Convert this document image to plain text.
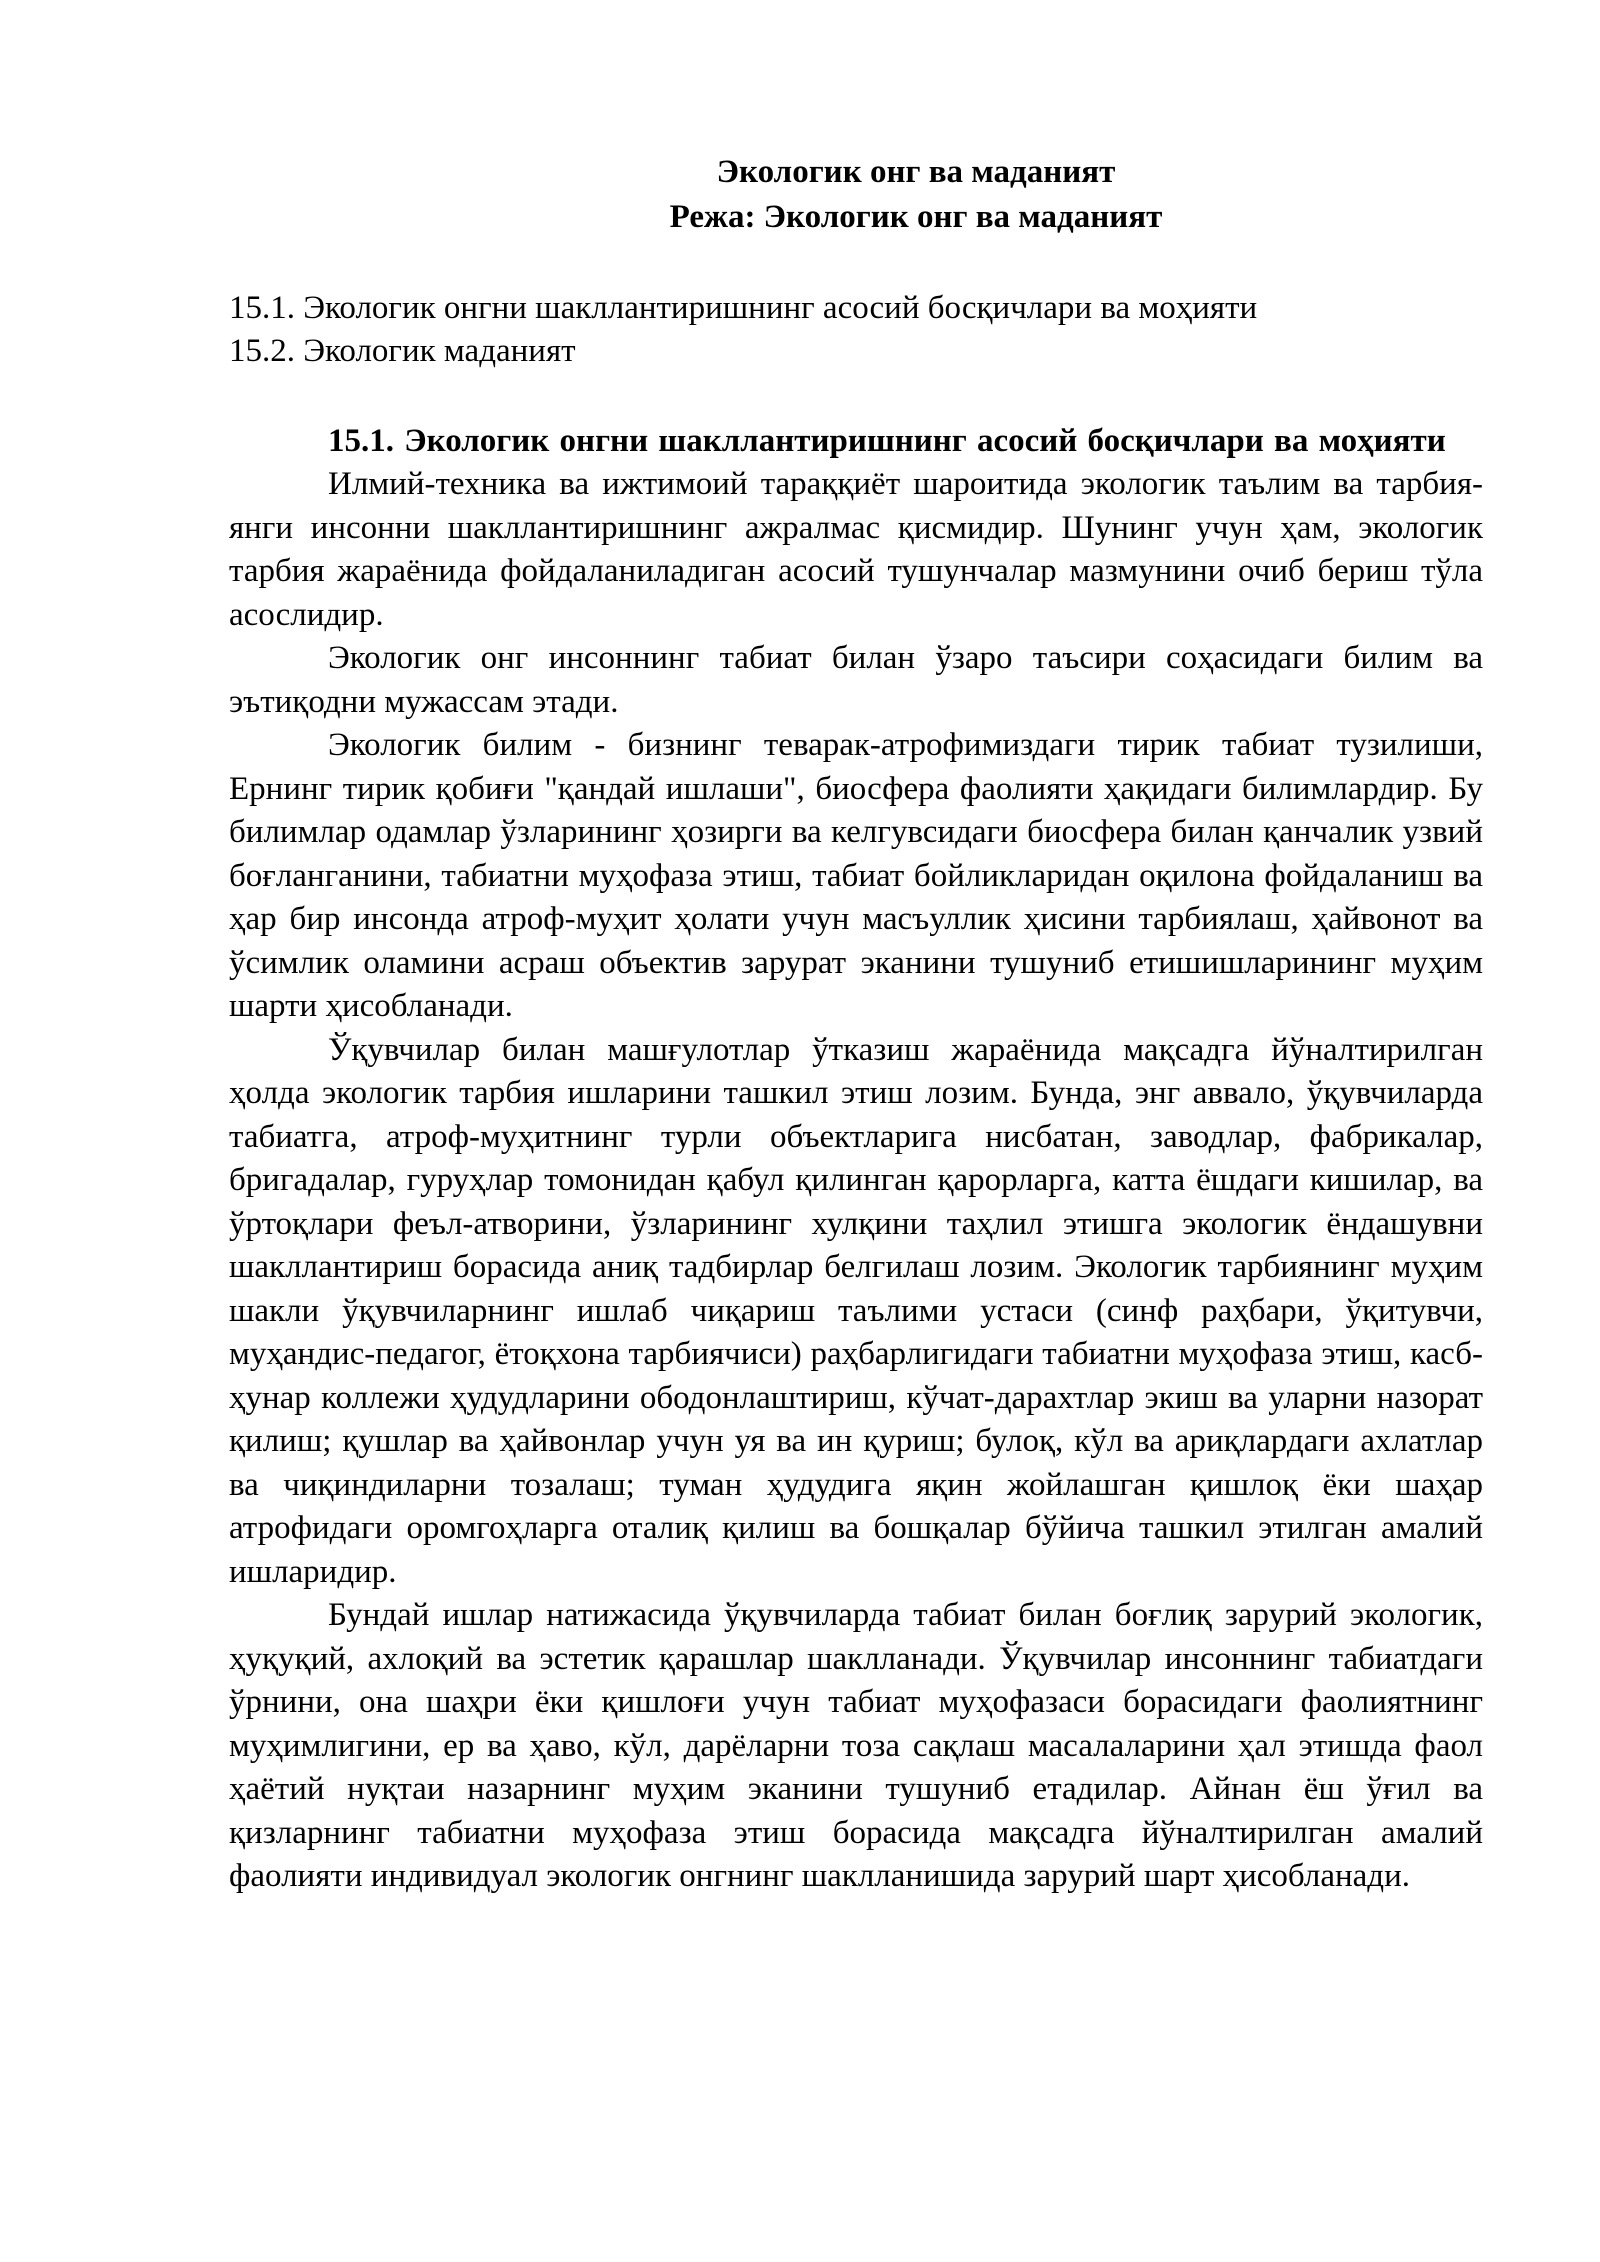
Экологик онг ва маданият
Режа: Экологик онг ва маданият
15.1. Экологик онгни шакллантиришнинг асосий босқичлари ва моҳияти
15.2. Экологик маданият
15.1. Экологик онгни шакллантиришнинг асосий босқичлари ва моҳияти

Илмий-техника ва ижтимоий тараққиёт шароитида экологик таълим ва тарбия-янги инсонни шакллантиришнинг ажралмас қисмидир. Шунинг учун ҳам, экологик тарбия жараёнида фойдаланиладиган асосий тушунчалар мазмунини очиб бериш тўла асослидир.

Экологик онг инсоннинг табиат билан ўзаро таъсири соҳасидаги билим ва эътиқодни мужассам этади.

Экологик билим - бизнинг теварак-атрофимиздаги тирик табиат тузилиши, Ернинг тирик қобиғи "қандай ишлаши", биосфера фаолияти ҳақидаги билимлардир. Бу билимлар одамлар ўзларининг ҳозирги ва келгувсидаги биосфера билан қанчалик узвий боғланганини, табиатни муҳофаза этиш, табиат бойликларидан оқилона фойдаланиш ва ҳар бир инсонда атроф-муҳит ҳолати учун масъуллик ҳисини тарбиялаш, ҳайвонот ва ўсимлик оламини асраш объектив зарурат эканини тушуниб етишишларининг муҳим шарти ҳисобланади.

Ўқувчилар билан машғулотлар ўтказиш жараёнида мақсадга йўналтирилган ҳолда экологик тарбия ишларини ташкил этиш лозим. Бунда, энг аввало, ўқувчиларда табиатга, атроф-муҳитнинг турли объектларига нисбатан, заводлар, фабрикалар, бригадалар, гуруҳлар томонидан қабул қилинган қарорларга, катта ёшдаги кишилар, ва ўртоқлари феъл-атворини, ўзларининг хулқини таҳлил этишга экологик ёндашувни шакллантириш борасида аниқ тадбирлар белгилаш лозим. Экологик тарбиянинг муҳим шакли ўқувчиларнинг ишлаб чиқариш таълими устаси (синф раҳбари, ўқитувчи, муҳандис-педагог, ётоқхона тарбиячиси) раҳбарлигидаги табиатни муҳофаза этиш, касб-ҳунар коллежи ҳудудларини ободонлаштириш, кўчат-дарахтлар экиш ва уларни назорат қилиш; қушлар ва ҳайвонлар учун уя ва ин қуриш; булоқ, кўл ва ариқлардаги ахлатлар ва чиқиндиларни тозалаш; туман ҳудудига яқин жойлашган қишлоқ ёки шаҳар атрофидаги оромгоҳларга оталиқ қилиш ва бошқалар бўйича ташкил этилган амалий ишларидир.

Бундай ишлар натижасида ўқувчиларда табиат билан боғлиқ зарурий экологик, ҳуқуқий, ахлоқий ва эстетик қарашлар шаклланади. Ўқувчилар инсоннинг табиатдаги ўрнини, она шаҳри ёки қишлоғи учун табиат муҳофазаси борасидаги фаолиятнинг муҳимлигини, ер ва ҳаво, кўл, дарёларни тоза сақлаш масалаларини ҳал этишда фаол ҳаётий нуқтаи назарнинг муҳим эканини тушуниб етадилар. Айнан ёш ўғил ва қизларнинг табиатни муҳофаза этиш борасида мақсадга йўналтирилган амалий фаолияти индивидуал экологик онгнинг шаклланишида зарурий шарт ҳисобланади.
